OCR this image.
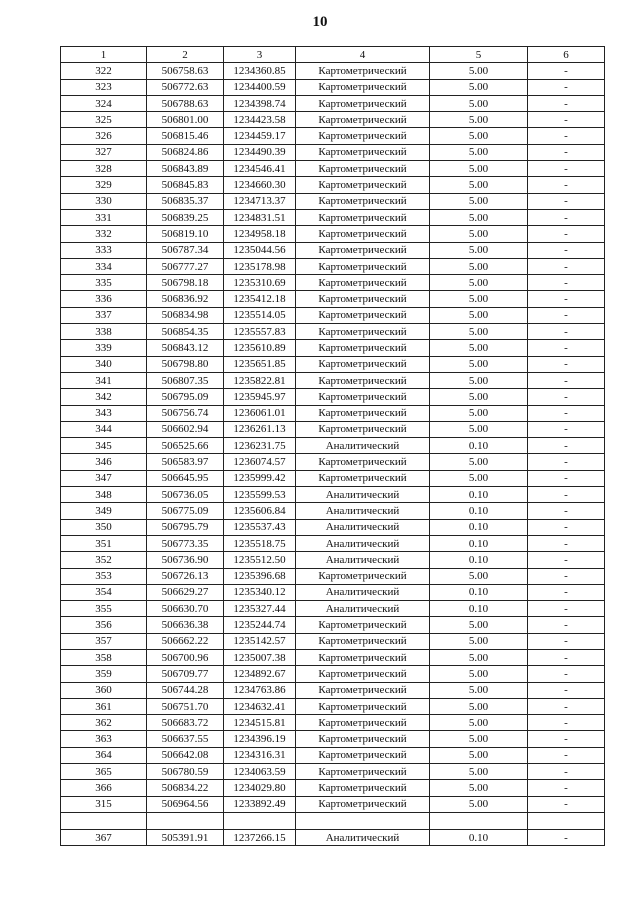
10
1	2	3	4	5	6
322	506758.63	1234360.85	Картометрический	5.00	-
323	506772.63	1234400.59	Картометрический	5.00	-
324	506788.63	1234398.74	Картометрический	5.00	-
325	506801.00	1234423.58	Картометрический	5.00	-
326	506815.46	1234459.17	Картометрический	5.00	-
327	506824.86	1234490.39	Картометрический	5.00	-
328	506843.89	1234546.41	Картометрический	5.00	-
329	506845.83	1234660.30	Картометрический	5.00	-
330	506835.37	1234713.37	Картометрический	5.00	-
331	506839.25	1234831.51	Картометрический	5.00	-
332	506819.10	1234958.18	Картометрический	5.00	-
333	506787.34	1235044.56	Картометрический	5.00	-
334	506777.27	1235178.98	Картометрический	5.00	-
335	506798.18	1235310.69	Картометрический	5.00	-
336	506836.92	1235412.18	Картометрический	5.00	-
337	506834.98	1235514.05	Картометрический	5.00	-
338	506854.35	1235557.83	Картометрический	5.00	-
339	506843.12	1235610.89	Картометрический	5.00	-
340	506798.80	1235651.85	Картометрический	5.00	-
341	506807.35	1235822.81	Картометрический	5.00	-
342	506795.09	1235945.97	Картометрический	5.00	-
343	506756.74	1236061.01	Картометрический	5.00	-
344	506602.94	1236261.13	Картометрический	5.00	-
345	506525.66	1236231.75	Аналитический	0.10	-
346	506583.97	1236074.57	Картометрический	5.00	-
347	506645.95	1235999.42	Картометрический	5.00	-
348	506736.05	1235599.53	Аналитический	0.10	-
349	506775.09	1235606.84	Аналитический	0.10	-
350	506795.79	1235537.43	Аналитический	0.10	-
351	506773.35	1235518.75	Аналитический	0.10	-
352	506736.90	1235512.50	Аналитический	0.10	-
353	506726.13	1235396.68	Картометрический	5.00	-
354	506629.27	1235340.12	Аналитический	0.10	-
355	506630.70	1235327.44	Аналитический	0.10	-
356	506636.38	1235244.74	Картометрический	5.00	-
357	506662.22	1235142.57	Картометрический	5.00	-
358	506700.96	1235007.38	Картометрический	5.00	-
359	506709.77	1234892.67	Картометрический	5.00	-
360	506744.28	1234763.86	Картометрический	5.00	-
361	506751.70	1234632.41	Картометрический	5.00	-
362	506683.72	1234515.81	Картометрический	5.00	-
363	506637.55	1234396.19	Картометрический	5.00	-
364	506642.08	1234316.31	Картометрический	5.00	-
365	506780.59	1234063.59	Картометрический	5.00	-
366	506834.22	1234029.80	Картометрический	5.00	-
315	506964.56	1233892.49	Картометрический	5.00	-

367	505391.91	1237266.15	Аналитический	0.10	-
